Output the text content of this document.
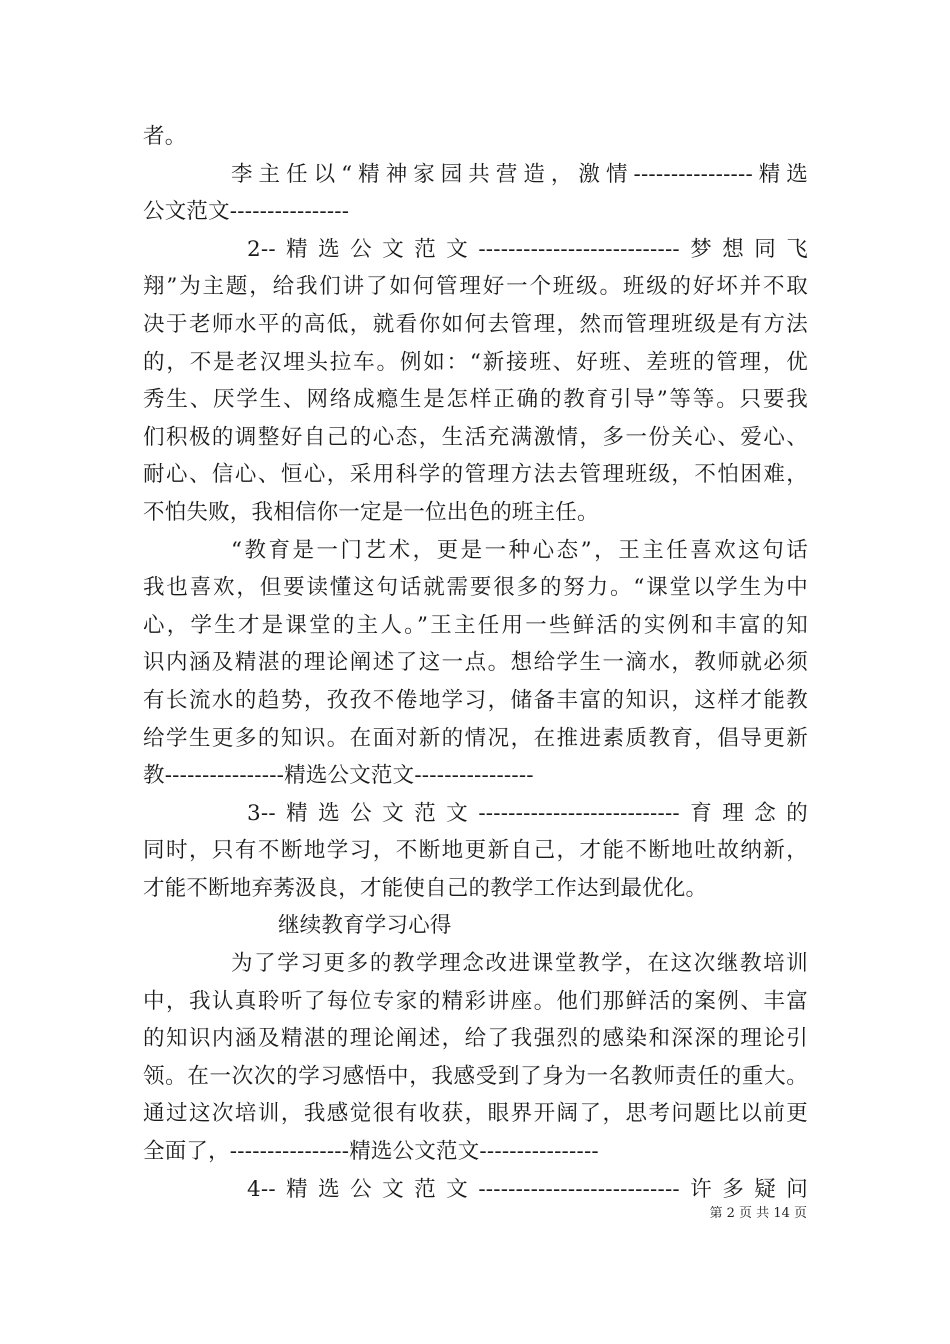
者。
李主任以“精神家园共营造，激情----------------精选
公文范文----------------
2--精选公文范文---------------------------梦想同飞
翔”为主题，给我们讲了如何管理好一个班级。班级的好坏并不取
决于老师水平的高低，就看你如何去管理，然而管理班级是有方法
的，不是老汉埋头拉车。例如：“新接班、好班、差班的管理，优
秀生、厌学生、网络成瘾生是怎样正确的教育引导”等等。只要我
们积极的调整好自己的心态，生活充满激情，多一份关心、爱心、
耐心、信心、恒心，采用科学的管理方法去管理班级，不怕困难，
不怕失败，我相信你一定是一位出色的班主任。
“教育是一门艺术，更是一种心态”，王主任喜欢这句话
我也喜欢，但要读懂这句话就需要很多的努力。“课堂以学生为中
心，学生才是课堂的主人。”王主任用一些鲜活的实例和丰富的知
识内涵及精湛的理论阐述了这一点。想给学生一滴水，教师就必须
有长流水的趋势，孜孜不倦地学习，储备丰富的知识，这样才能教
给学生更多的知识。在面对新的情况，在推进素质教育，倡导更新
教----------------精选公文范文----------------
3--精选公文范文---------------------------育理念的
同时，只有不断地学习，不断地更新自己，才能不断地吐故纳新，
才能不断地弃莠汲良，才能使自己的教学工作达到最优化。
继续教育学习心得
为了学习更多的教学理念改进课堂教学，在这次继教培训
中，我认真聆听了每位专家的精彩讲座。他们那鲜活的案例、丰富
的知识内涵及精湛的理论阐述，给了我强烈的感染和深深的理论引
领。在一次次的学习感悟中，我感受到了身为一名教师责任的重大。
通过这次培训，我感觉很有收获，眼界开阔了，思考问题比以前更
全面了，----------------精选公文范文----------------
4--精选公文范文---------------------------许多疑问
第 2 页 共 14 页
